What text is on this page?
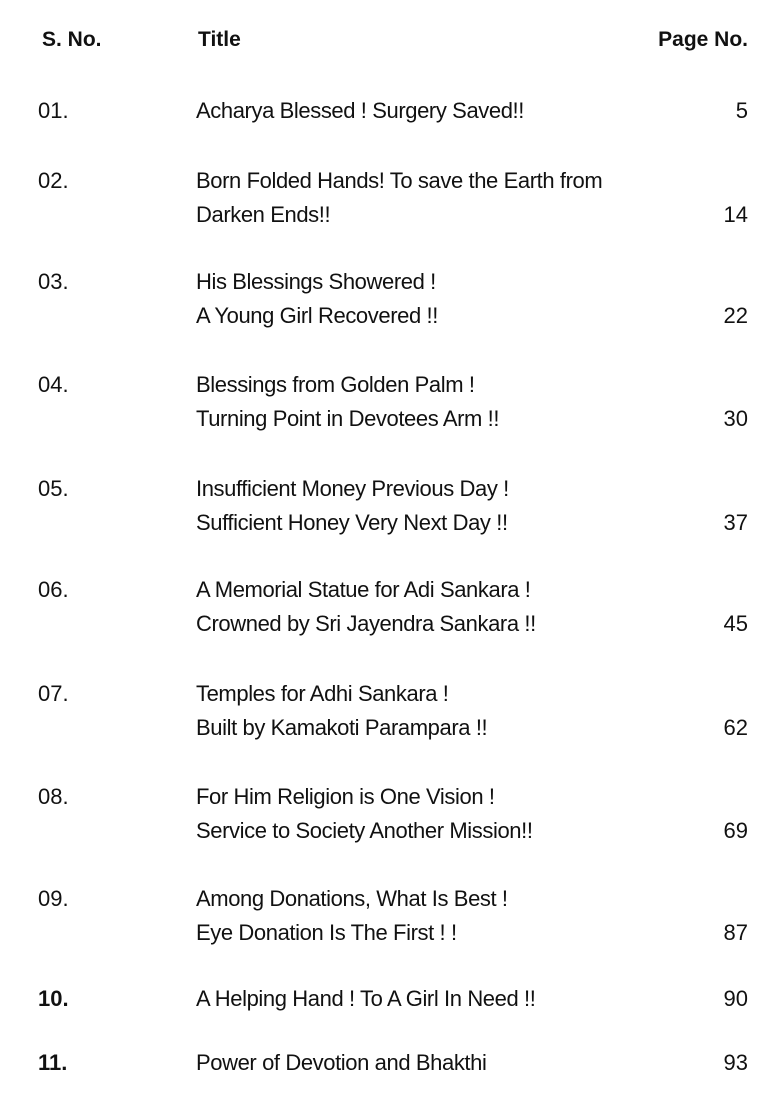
S. No.	Title	Page No.
01.	Acharya Blessed ! Surgery Saved!!	5
02.	Born Folded Hands! To save the Earth from
Darken Ends!!	14
03.	His Blessings Showered !
A Young Girl Recovered !!	22
04.	Blessings from Golden Palm !
Turning Point in Devotees Arm !!	30
05.	Insufficient Money Previous Day !
Sufficient Honey Very Next Day !!	37
06.	A Memorial Statue for Adi Sankara !
Crowned by Sri Jayendra Sankara !!	45
07.	Temples for Adhi Sankara !
Built by Kamakoti Parampara !!	62
08.	For Him Religion is One Vision !
Service to Society Another Mission!!	69
09.	Among Donations, What Is Best !
Eye Donation Is The First ! !	87
10.	A Helping Hand ! To A Girl In Need !!	90
11.	Power of Devotion and Bhakthi	93
